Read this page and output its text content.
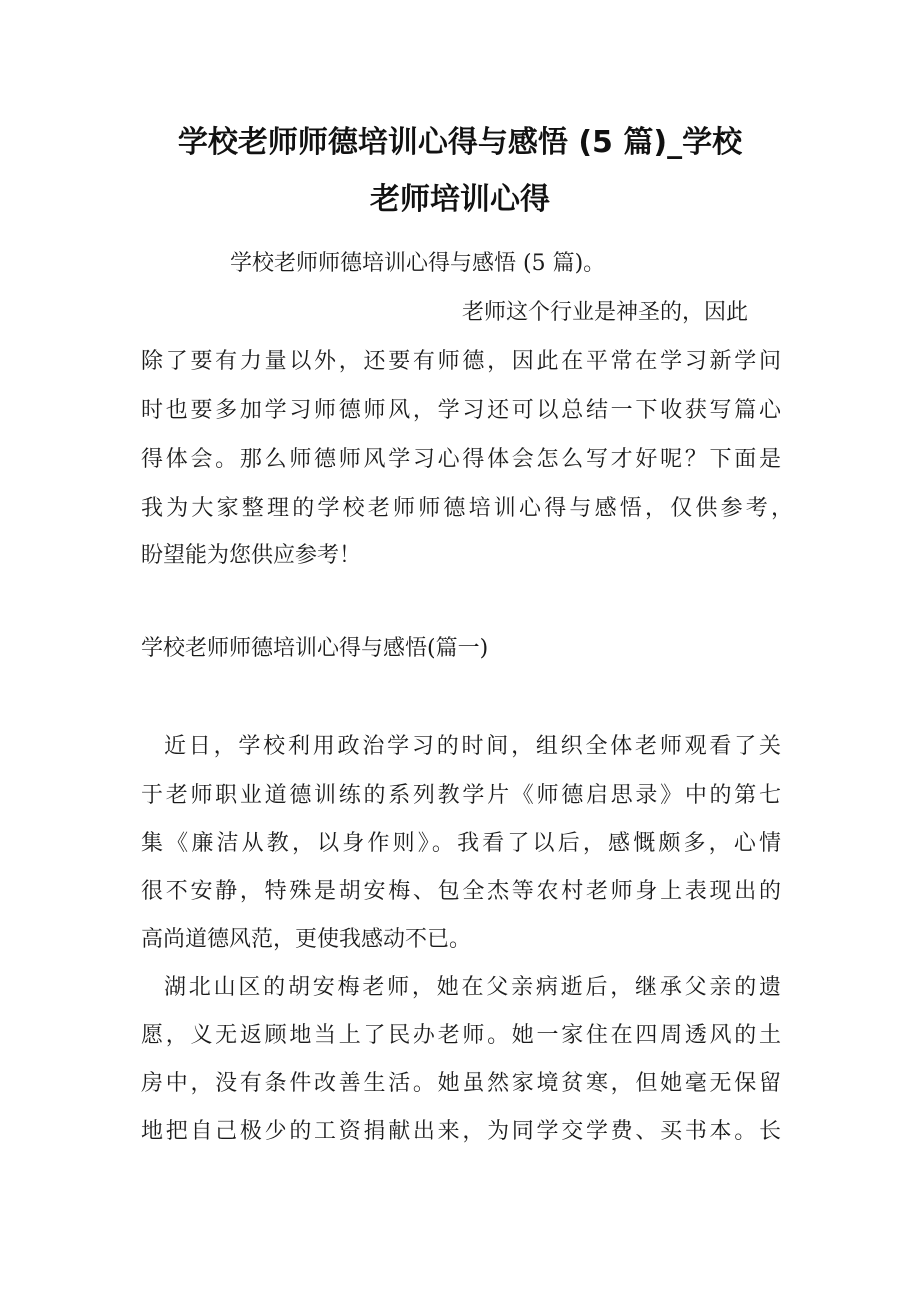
学校老师师德培训心得与感悟 (5 篇)_学校
老师培训心得
学校老师师德培训心得与感悟 (5 篇)。
老师这个行业是神圣的，因此
除了要有力量以外，还要有师德，因此在平常在学习新学问
时也要多加学习师德师风，学习还可以总结一下收获写篇心
得体会。那么师德师风学习心得体会怎么写才好呢？下面是
我为大家整理的学校老师师德培训心得与感悟，仅供参考，
盼望能为您供应参考！
学校老师师德培训心得与感悟(篇一)
近日，学校利用政治学习的时间，组织全体老师观看了关
于老师职业道德训练的系列教学片《师德启思录》中的第七
集《廉洁从教，以身作则》。我看了以后，感慨颇多，心情
很不安静，特殊是胡安梅、包全杰等农村老师身上表现出的
高尚道德风范，更使我感动不已。
湖北山区的胡安梅老师，她在父亲病逝后，继承父亲的遗
愿，义无返顾地当上了民办老师。她一家住在四周透风的土
房中，没有条件改善生活。她虽然家境贫寒，但她毫无保留
地把自己极少的工资捐献出来，为同学交学费、买书本。长
